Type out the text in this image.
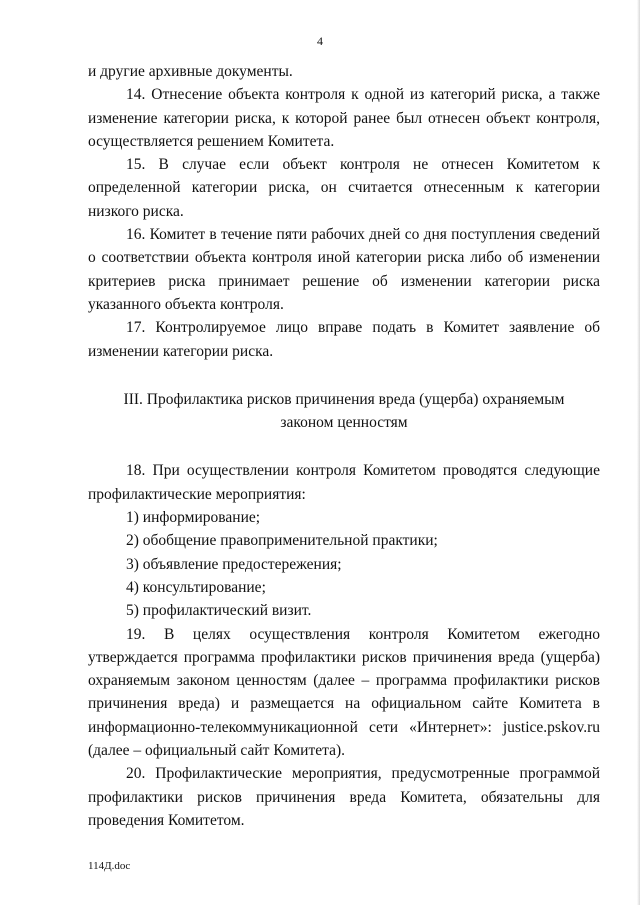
4

и другие архивные документы.

14. Отнесение объекта контроля к одной из категорий риска, а также изменение категории риска, к которой ранее был отнесен объект контроля, осуществляется решением Комитета.

15. В случае если объект контроля не отнесен Комитетом к определенной категории риска, он считается отнесенным к категории низкого риска.

16. Комитет в течение пяти рабочих дней со дня поступления сведений о соответствии объекта контроля иной категории риска либо об изменении критериев риска принимает решение об изменении категории риска указанного объекта контроля.

17. Контролируемое лицо вправе подать в Комитет заявление об изменении категории риска.

III. Профилактика рисков причинения вреда (ущерба) охраняемым
законом ценностям

18. При осуществлении контроля Комитетом проводятся следующие профилактические мероприятия:

1) информирование;

2) обобщение правоприменительной практики;

3) объявление предостережения;

4) консультирование;

5) профилактический визит.

19. В целях осуществления контроля Комитетом ежегодно утверждается программа профилактики рисков причинения вреда (ущерба) охраняемым законом ценностям (далее – программа профилактики рисков причинения вреда) и размещается на официальном сайте Комитета в информационно-телекоммуникационной сети «Интернет»: justice.pskov.ru (далее – официальный сайт Комитета).

20. Профилактические мероприятия, предусмотренные программой профилактики рисков причинения вреда Комитета, обязательны для проведения Комитетом.

114Д.doc
